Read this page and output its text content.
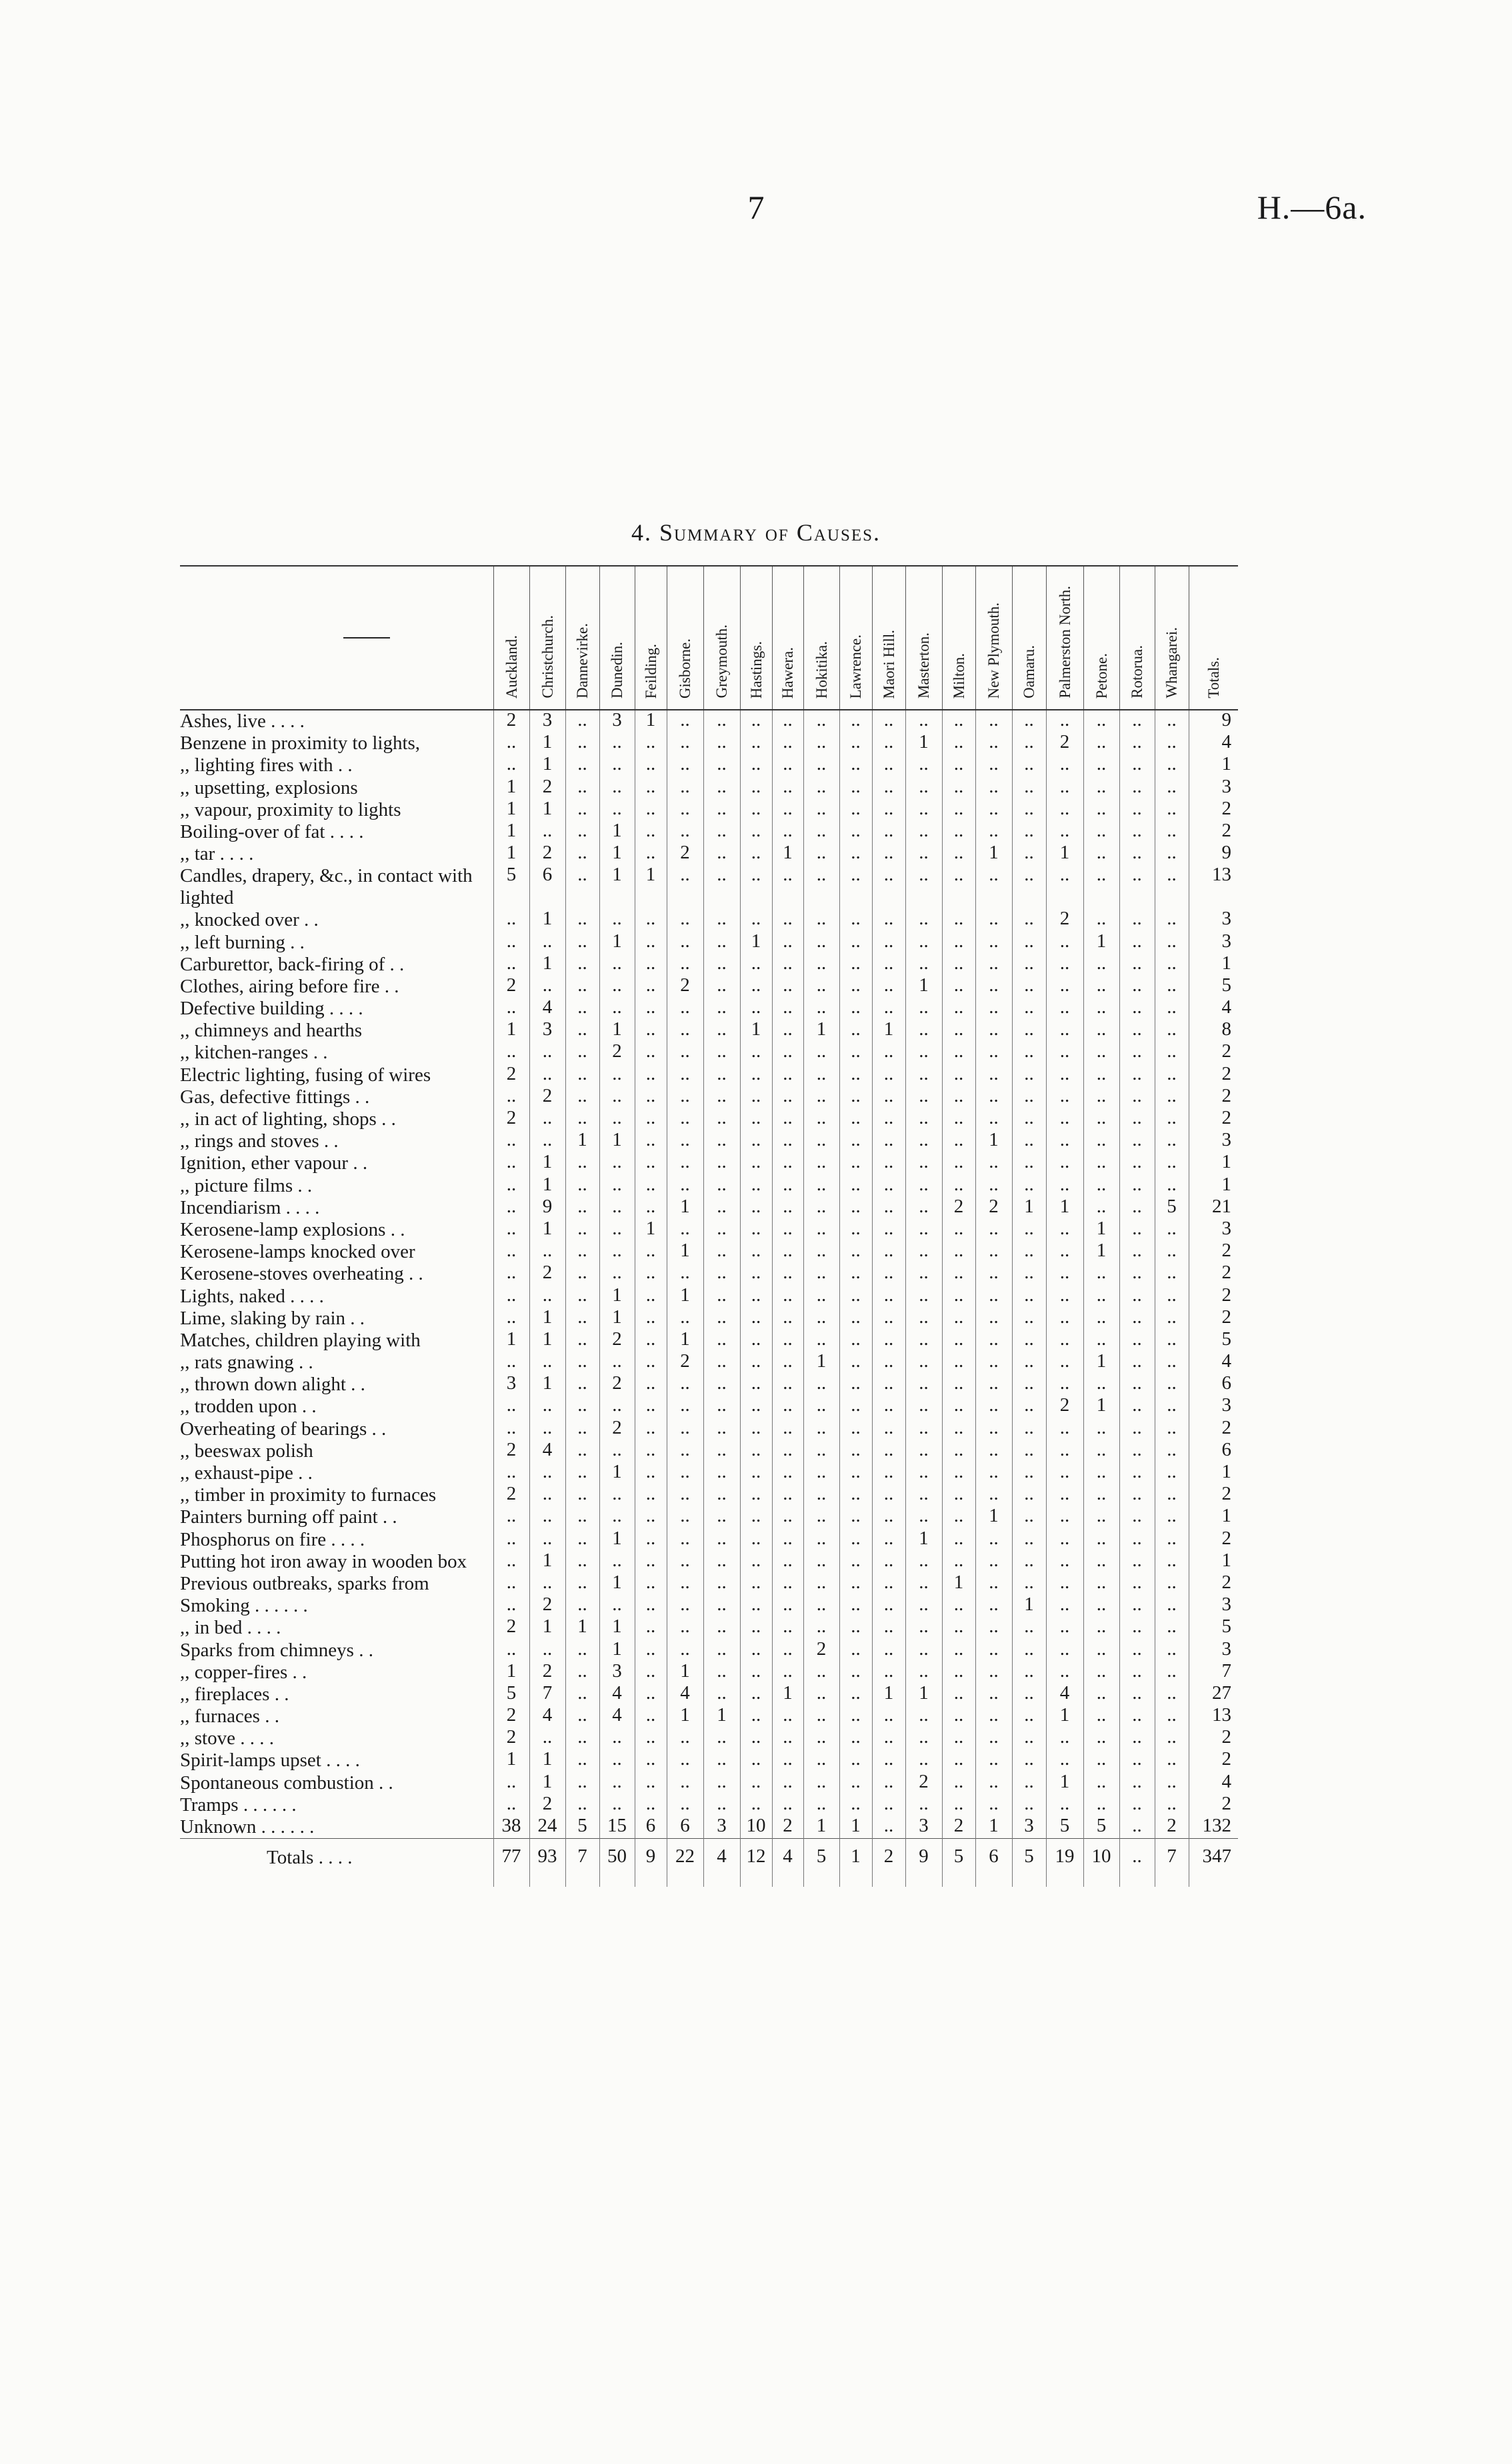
7	H.—6a.
4. Summary of Causes.
	Auckland.	Christchurch.	Dannevirke.	Dunedin.	Feilding.	Gisborne.	Greymouth.	Hastings.	Hawera.	Hokitika.	Lawrence.	Maori Hill.	Masterton.	Milton.	New Plymouth.	Oamaru.	Palmerston North.	Petone.	Rotorua.	Whangarei.	Totals.
Ashes, live . . . .	2	3	..	3	1	..	..	..	..	..	..	..	..	..	..	..	..	..	..	..	9
Benzene in proximity to lights,	..	1	..	..	..	..	..	..	..	..	..	..	1	..	..	..	2	..	..	..	4
,, lighting fires with . .	..	1	..	..	..	..	..	..	..	..	..	..	..	..	..	..	..	..	..	..	1
,, upsetting, explosions	1	2	..	..	..	..	..	..	..	..	..	..	..	..	..	..	..	..	..	..	3
,, vapour, proximity to lights	1	1	..	..	..	..	..	..	..	..	..	..	..	..	..	..	..	..	..	..	2
Boiling-over of fat . . . .	1	..	..	1	..	..	..	..	..	..	..	..	..	..	..	..	..	..	..	..	2
,, tar . . . .	1	2	..	1	..	2	..	..	1	..	..	..	..	..	1	..	1	..	..	..	9
Candles, drapery, &c., in contact with lighted	5	6	..	1	1	..	..	..	..	..	..	..	..	..	..	..	..	..	..	..	13
,, knocked over . .	..	1	..	..	..	..	..	..	..	..	..	..	..	..	..	..	2	..	..	..	3
,, left burning . .	..	..	..	1	..	..	..	1	..	..	..	..	..	..	..	..	..	1	..	..	3
Carburettor, back-firing of . .	..	1	..	..	..	..	..	..	..	..	..	..	..	..	..	..	..	..	..	..	1
Clothes, airing before fire . .	2	..	..	..	..	2	..	..	..	..	..	..	1	..	..	..	..	..	..	..	5
Defective building . . . .	..	4	..	..	..	..	..	..	..	..	..	..	..	..	..	..	..	..	..	..	4
,, chimneys and hearths	1	3	..	1	..	..	..	1	..	1	..	1	..	..	..	..	..	..	..	..	8
,, kitchen-ranges . .	..	..	..	2	..	..	..	..	..	..	..	..	..	..	..	..	..	..	..	..	2
Electric lighting, fusing of wires	2	..	..	..	..	..	..	..	..	..	..	..	..	..	..	..	..	..	..	..	2
Gas, defective fittings . .	..	2	..	..	..	..	..	..	..	..	..	..	..	..	..	..	..	..	..	..	2
,, in act of lighting, shops . .	2	..	..	..	..	..	..	..	..	..	..	..	..	..	..	..	..	..	..	..	2
,, rings and stoves . .	..	..	1	1	..	..	..	..	..	..	..	..	..	..	1	..	..	..	..	..	3
Ignition, ether vapour . .	..	1	..	..	..	..	..	..	..	..	..	..	..	..	..	..	..	..	..	..	1
,, picture films . .	..	1	..	..	..	..	..	..	..	..	..	..	..	..	..	..	..	..	..	..	1
Incendiarism . . . .	..	9	..	..	..	1	..	..	..	..	..	..	..	2	2	1	1	..	..	5	21
Kerosene-lamp explosions . .	..	1	..	..	1	..	..	..	..	..	..	..	..	..	..	..	..	1	..	..	3
Kerosene-lamps knocked over	..	..	..	..	..	1	..	..	..	..	..	..	..	..	..	..	..	1	..	..	2
Kerosene-stoves overheating . .	..	2	..	..	..	..	..	..	..	..	..	..	..	..	..	..	..	..	..	..	2
Lights, naked . . . .	..	..	..	1	..	1	..	..	..	..	..	..	..	..	..	..	..	..	..	..	2
Lime, slaking by rain . .	..	1	..	1	..	..	..	..	..	..	..	..	..	..	..	..	..	..	..	..	2
Matches, children playing with	1	1	..	2	..	1	..	..	..	..	..	..	..	..	..	..	..	..	..	..	5
,, rats gnawing . .	..	..	..	..	..	2	..	..	..	1	..	..	..	..	..	..	..	1	..	..	4
,, thrown down alight . .	3	1	..	2	..	..	..	..	..	..	..	..	..	..	..	..	..	..	..	..	6
,, trodden upon . .	..	..	..	..	..	..	..	..	..	..	..	..	..	..	..	..	2	1	..	..	3
Overheating of bearings . .	..	..	..	2	..	..	..	..	..	..	..	..	..	..	..	..	..	..	..	..	2
,, beeswax polish	2	4	..	..	..	..	..	..	..	..	..	..	..	..	..	..	..	..	..	..	6
,, exhaust-pipe . .	..	..	..	1	..	..	..	..	..	..	..	..	..	..	..	..	..	..	..	..	1
,, timber in proximity to furnaces	2	..	..	..	..	..	..	..	..	..	..	..	..	..	..	..	..	..	..	..	2
Painters burning off paint . .	..	..	..	..	..	..	..	..	..	..	..	..	..	..	1	..	..	..	..	..	1
Phosphorus on fire . . . .	..	..	..	1	..	..	..	..	..	..	..	..	1	..	..	..	..	..	..	..	2
Putting hot iron away in wooden box	..	1	..	..	..	..	..	..	..	..	..	..	..	..	..	..	..	..	..	..	1
Previous outbreaks, sparks from	..	..	..	1	..	..	..	..	..	..	..	..	..	1	..	..	..	..	..	..	2
Smoking . . . . . .	..	2	..	..	..	..	..	..	..	..	..	..	..	..	..	1	..	..	..	..	3
,, in bed . . . .	2	1	1	1	..	..	..	..	..	..	..	..	..	..	..	..	..	..	..	..	5
Sparks from chimneys . .	..	..	..	1	..	..	..	..	..	2	..	..	..	..	..	..	..	..	..	..	3
,, copper-fires . .	1	2	..	3	..	1	..	..	..	..	..	..	..	..	..	..	..	..	..	..	7
,, fireplaces . .	5	7	..	4	..	4	..	..	1	..	..	1	1	..	..	..	4	..	..	..	27
,, furnaces . .	2	4	..	4	..	1	1	..	..	..	..	..	..	..	..	..	1	..	..	..	13
,, stove . . . .	2	..	..	..	..	..	..	..	..	..	..	..	..	..	..	..	..	..	..	..	2
Spirit-lamps upset . . . .	1	1	..	..	..	..	..	..	..	..	..	..	..	..	..	..	..	..	..	..	2
Spontaneous combustion . .	..	1	..	..	..	..	..	..	..	..	..	..	2	..	..	..	1	..	..	..	4
Tramps . . . . . .	..	2	..	..	..	..	..	..	..	..	..	..	..	..	..	..	..	..	..	..	2
Unknown . . . . . .	38	24	5	15	6	6	3	10	2	1	1	..	3	2	1	3	5	5	..	2	132
Totals . . . .	77	93	7	50	9	22	4	12	4	5	1	2	9	5	6	5	19	10	..	7	347
